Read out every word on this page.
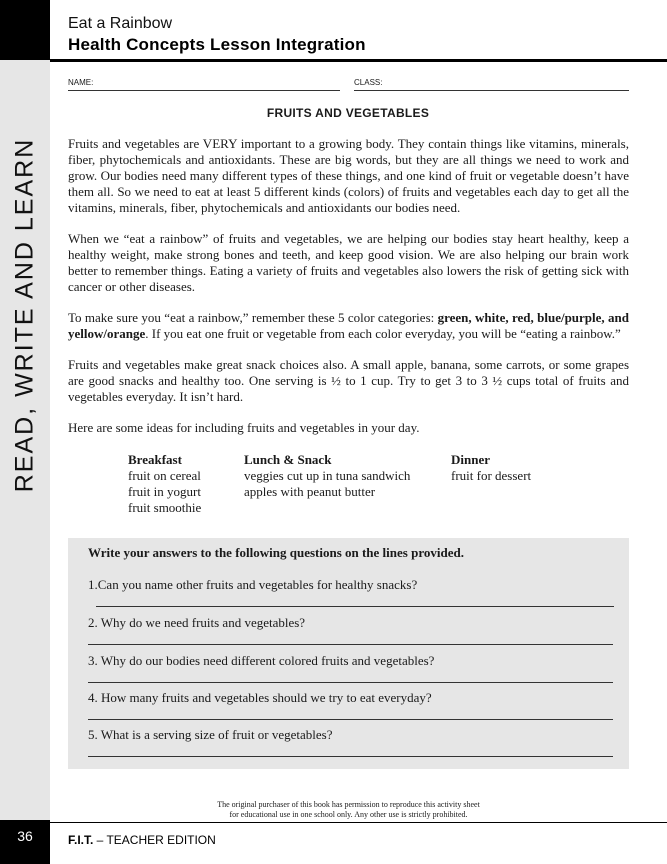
READ, WRITE AND LEARN
36
Eat a Rainbow
Health Concepts Lesson Integration
NAME:	CLASS:
FRUITS AND VEGETABLES

Fruits and vegetables are VERY important to a growing body. They contain things like vitamins, minerals, fiber, phytochemicals and antioxidants. These are big words, but they are all things we need to work and grow. Our bodies need many different types of these things, and one kind of fruit or vegetable doesn’t have them all. So we need to eat at least 5 different kinds (colors) of fruits and vegetables each day to get all the vitamins, minerals, fiber, phytochemicals and antioxidants our bodies need.

When we “eat a rainbow” of fruits and vegetables, we are helping our bodies stay heart healthy, keep a healthy weight, make strong bones and teeth, and keep good vision. We are also helping our brain work better to remember things. Eating a variety of fruits and vegetables also lowers the risk of getting sick with cancer or other diseases.

To make sure you “eat a rainbow,” remember these 5 color categories: green, white, red, blue/purple, and yellow/orange. If you eat one fruit or vegetable from each color everyday, you will be “eating a rainbow.”

Fruits and vegetables make great snack choices also. A small apple, banana, some carrots, or some grapes are good snacks and healthy too. One serving is ½ to 1 cup. Try to get 3 to 3 ½ cups total of fruits and vegetables everyday. It isn’t hard.

Here are some ideas for including fruits and vegetables in your day.

Breakfast
fruit on cereal
fruit in yogurt
fruit smoothie
Lunch & Snack
veggies cut up in tuna sandwich
apples with peanut butter
Dinner
fruit for dessert
Write your answers to the following questions on the lines provided.
1.Can you name other fruits and vegetables for healthy snacks?
2. Why do we need fruits and vegetables?
3. Why do our bodies need different colored fruits and vegetables?
4. How many fruits and vegetables should we try to eat everyday?
5. What is a serving size of fruit or vegetables?
The original purchaser of this book has permission to reproduce this activity sheet
for educational use in one school only. Any other use is strictly prohibited.
F.I.T. – TEACHER EDITION
